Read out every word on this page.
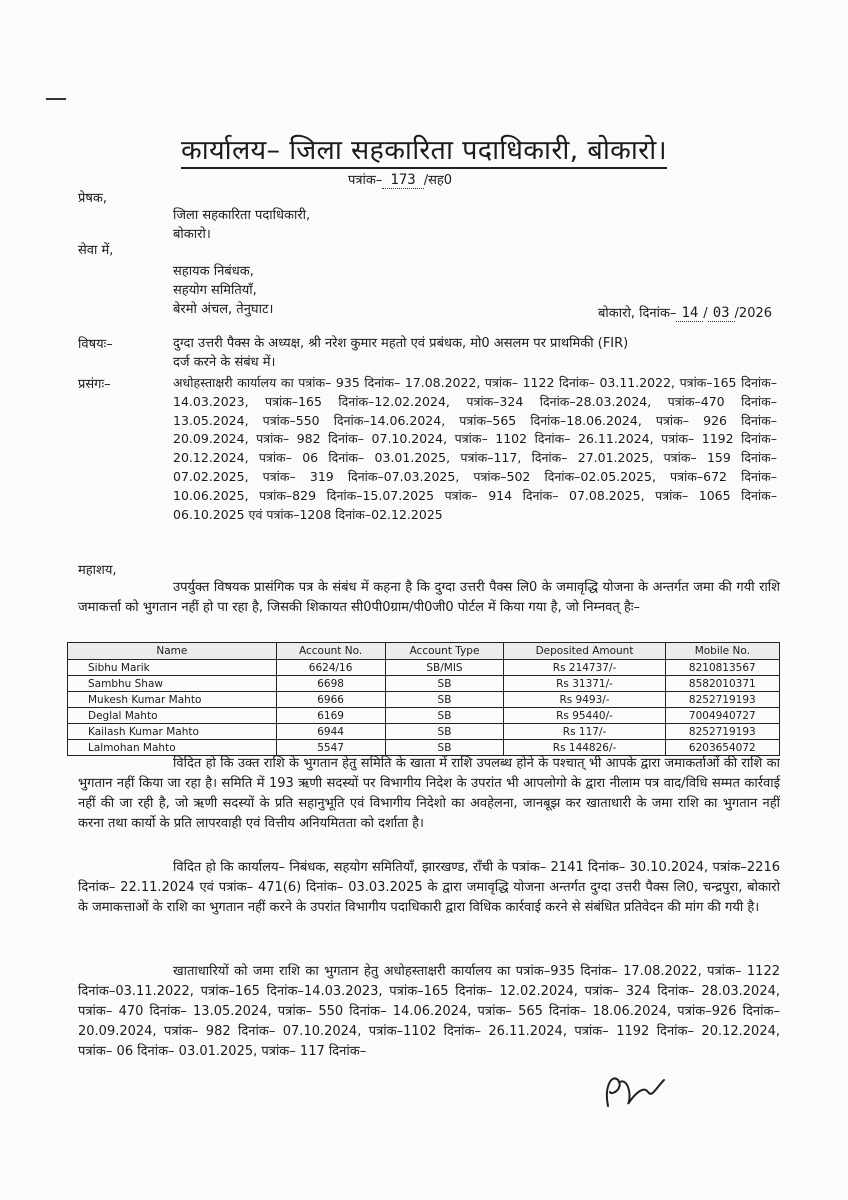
कार्यालय– जिला सहकारिता पदाधिकारी, बोकारो।
पत्रांक– 173 /सह0
प्रेषक,
जिला सहकारिता पदाधिकारी,
बोकारो।
सेवा में,
सहायक निबंधक,
सहयोग समितियाँ,
बेरमो अंचल, तेनुघाट।	बोकारो, दिनांक– 14 / 03 /2026
विषयः–	दुग्दा उत्तरी पैक्स के अध्यक्ष, श्री नरेश कुमार महतो एवं प्रबंधक, मो0 असलम पर प्राथमिकी (FIR)
दर्ज करने के संबंध में।
प्रसंगः–	अधोहस्ताक्षरी कार्यालय का पत्रांक– 935 दिनांक– 17.08.2022, पत्रांक– 1122 दिनांक– 03.11.2022, पत्रांक–165 दिनांक–14.03.2023, पत्रांक–165 दिनांक–12.02.2024, पत्रांक–324 दिनांक–28.03.2024, पत्रांक–470 दिनांक–13.05.2024, पत्रांक–550 दिनांक–14.06.2024, पत्रांक–565 दिनांक–18.06.2024, पत्रांक– 926 दिनांक– 20.09.2024, पत्रांक– 982 दिनांक– 07.10.2024, पत्रांक– 1102 दिनांक– 26.11.2024, पत्रांक– 1192 दिनांक– 20.12.2024, पत्रांक– 06 दिनांक– 03.01.2025, पत्रांक–117, दिनांक– 27.01.2025, पत्रांक– 159 दिनांक– 07.02.2025, पत्रांक– 319 दिनांक–07.03.2025, पत्रांक–502 दिनांक–02.05.2025, पत्रांक–672 दिनांक–10.06.2025, पत्रांक–829 दिनांक–15.07.2025 पत्रांक– 914 दिनांक– 07.08.2025, पत्रांक– 1065 दिनांक– 06.10.2025 एवं पत्रांक–1208 दिनांक–02.12.2025
महाशय,
उपर्युक्त विषयक प्रासंगिक पत्र के संबंध में कहना है कि दुग्दा उत्तरी पैक्स लि0 के जमावृद्धि योजना के अन्तर्गत जमा की गयी राशि जमाकर्त्ता को भुगतान नहीं हो पा रहा है, जिसकी शिकायत सी0पी0ग्राम/पी0जी0 पोर्टल में किया गया है, जो निम्नवत् हैः–
Name	Account No.	Account Type	Deposited Amount	Mobile No.
Sibhu Marik	6624/16	SB/MIS	Rs 214737/-	8210813567
Sambhu Shaw	6698	SB	Rs 31371/-	8582010371
Mukesh Kumar Mahto	6966	SB	Rs 9493/-	8252719193
Deglal Mahto	6169	SB	Rs 95440/-	7004940727
Kailash Kumar Mahto	6944	SB	Rs 117/-	8252719193
Lalmohan Mahto	5547	SB	Rs 144826/-	6203654072
विदित हो कि उक्त राशि के भुगतान हेतु समिति के खाता में राशि उपलब्ध होने के पश्चात् भी आपके द्वारा जमाकर्ताओं की राशि का भुगतान नहीं किया जा रहा है। समिति में 193 ऋणी सदस्यों पर विभागीय निदेश के उपरांत भी आपलोगो के द्वारा नीलाम पत्र वाद/विधि सम्मत कार्रवाई नहीं की जा रही है, जो ऋणी सदस्यों के प्रति सहानुभूति एवं विभागीय निदेशो का अवहेलना, जानबूझ कर खाताधारी के जमा राशि का भुगतान नहीं करना तथा कार्यो के प्रति लापरवाही एवं वित्तीय अनियमितता को दर्शाता है।
विदित हो कि कार्यालय– निबंधक, सहयोग समितियाँ, झारखण्ड, राँची के पत्रांक– 2141 दिनांक– 30.10.2024, पत्रांक–2216 दिनांक– 22.11.2024 एवं पत्रांक– 471(6) दिनांक– 03.03.2025 के द्वारा जमावृद्धि योजना अन्तर्गत दुग्दा उत्तरी पैक्स लि0, चन्द्रपुरा, बोकारो के जमाकत्ताओं के राशि का भुगतान नहीं करने के उपरांत विभागीय पदाधिकारी द्वारा विधिक कार्रवाई करने से संबंधित प्रतिवेदन की मांग की गयी है।
खाताधारियों को जमा राशि का भुगतान हेतु अधोहस्ताक्षरी कार्यालय का पत्रांक–935 दिनांक– 17.08.2022, पत्रांक– 1122 दिनांक–03.11.2022, पत्रांक–165 दिनांक–14.03.2023, पत्रांक–165 दिनांक– 12.02.2024, पत्रांक– 324 दिनांक– 28.03.2024, पत्रांक– 470 दिनांक– 13.05.2024, पत्रांक– 550 दिनांक– 14.06.2024, पत्रांक– 565 दिनांक– 18.06.2024, पत्रांक–926 दिनांक– 20.09.2024, पत्रांक– 982 दिनांक– 07.10.2024, पत्रांक–1102 दिनांक– 26.11.2024, पत्रांक– 1192 दिनांक– 20.12.2024, पत्रांक– 06 दिनांक– 03.01.2025, पत्रांक– 117 दिनांक–
